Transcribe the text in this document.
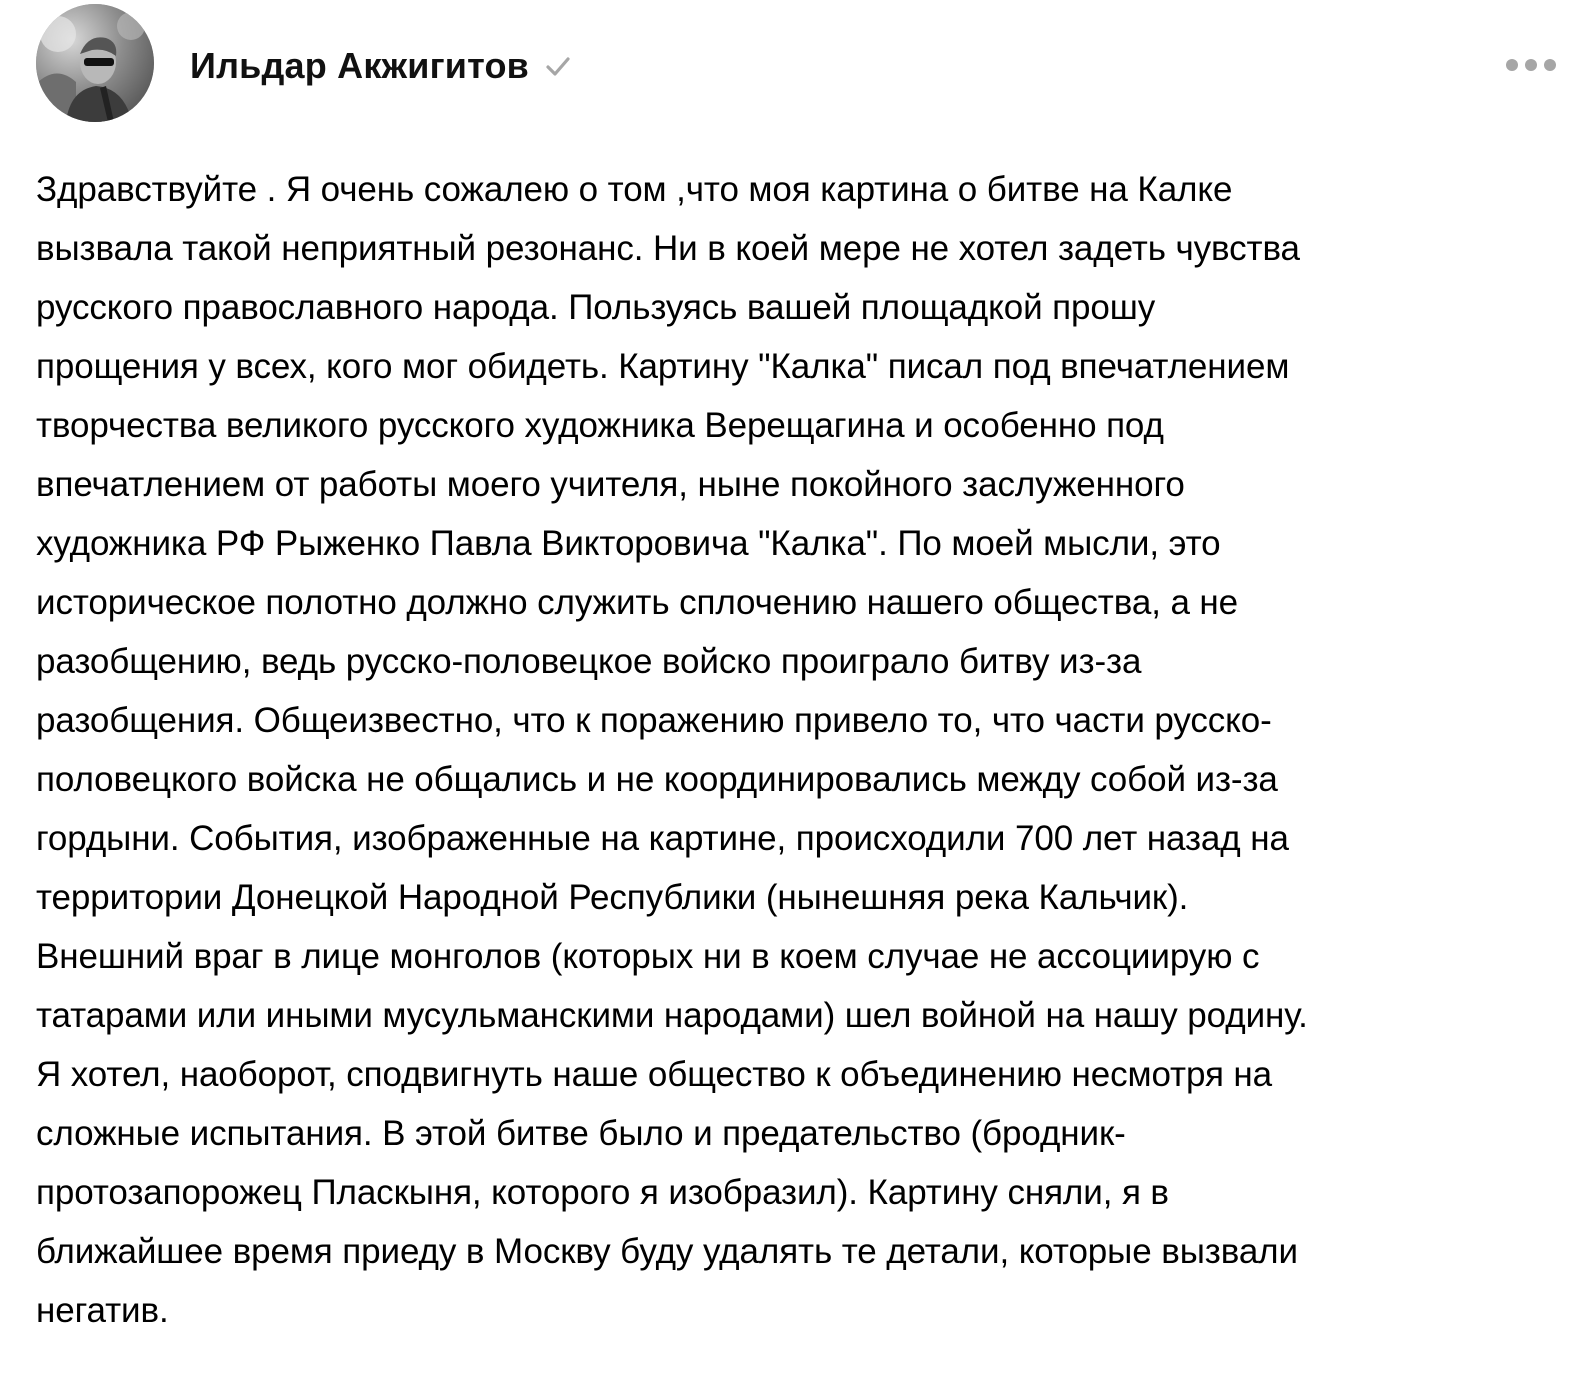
Ильдар Акжигитов
Здравствуйте . Я очень сожалею о том ,что моя картина о битве на Калке
вызвала такой неприятный резонанс. Ни в коей мере не хотел задеть чувства
русского православного народа. Пользуясь вашей площадкой прошу
прощения у всех, кого мог обидеть. Картину "Калка" писал под впечатлением
творчества великого русского художника Верещагина и особенно под
впечатлением от работы моего учителя, ныне покойного заслуженного
художника РФ Рыженко Павла Викторовича "Калка". По моей мысли, это
историческое полотно должно служить сплочению нашего общества, а не
разобщению, ведь русско-половецкое войско проиграло битву из-за
разобщения. Общеизвестно, что к поражению привело то, что части русско-
половецкого войска не общались и не координировались между собой из-за
гордыни. События, изображенные на картине, происходили 700 лет назад на
территории Донецкой Народной Республики (нынешняя река Кальчик).
Внешний враг в лице монголов (которых ни в коем случае не ассоциирую с
татарами или иными мусульманскими народами) шел войной на нашу родину.
Я хотел, наоборот, сподвигнуть наше общество к объединению несмотря на
сложные испытания. В этой битве было и предательство (бродник-
протозапорожец Пласкыня, которого я изобразил). Картину сняли, я в
ближайшее время приеду в Москву буду удалять те детали, которые вызвали
негатив.
